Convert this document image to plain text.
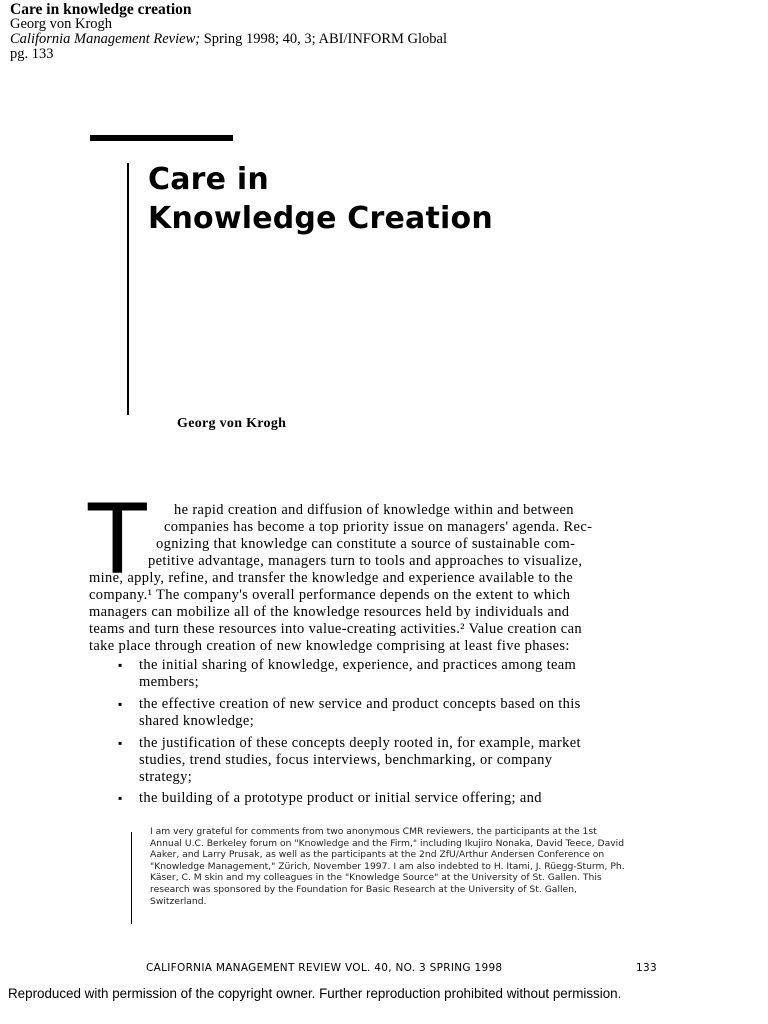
Care in knowledge creation
Georg von Krogh
California Management Review; Spring 1998; 40, 3; ABI/INFORM Global
pg. 133
Care in
Knowledge Creation
Georg von Krogh
T he rapid creation and diffusion of knowledge within and between
companies has become a top priority issue on managers' agenda. Rec-
ognizing that knowledge can constitute a source of sustainable com-
petitive advantage, managers turn to tools and approaches to visualize,
mine, apply, refine, and transfer the knowledge and experience available to the
company.¹ The company's overall performance depends on the extent to which
managers can mobilize all of the knowledge resources held by individuals and
teams and turn these resources into value-creating activities.² Value creation can
take place through creation of new knowledge comprising at least five phases:
▪ the initial sharing of knowledge, experience, and practices among team
members;
▪ the effective creation of new service and product concepts based on this
shared knowledge;
▪ the justification of these concepts deeply rooted in, for example, market
studies, trend studies, focus interviews, benchmarking, or company
strategy;
▪ the building of a prototype product or initial service offering; and
I am very grateful for comments from two anonymous CMR reviewers, the participants at the 1st
Annual U.C. Berkeley forum on "Knowledge and the Firm," including Ikujiro Nonaka, David Teece, David
Aaker, and Larry Prusak, as well as the participants at the 2nd ZfU/Arthur Andersen Conference on
"Knowledge Management," Zürich, November 1997. I am also indebted to H. Itami, J. Rüegg-Sturm, Ph.
Käser, C. M skin and my colleagues in the "Knowledge Source" at the University of St. Gallen. This
research was sponsored by the Foundation for Basic Research at the University of St. Gallen,
Switzerland.
CALIFORNIA MANAGEMENT REVIEW VOL. 40, NO. 3 SPRING 1998	133
Reproduced with permission of the copyright owner. Further reproduction prohibited without permission.
